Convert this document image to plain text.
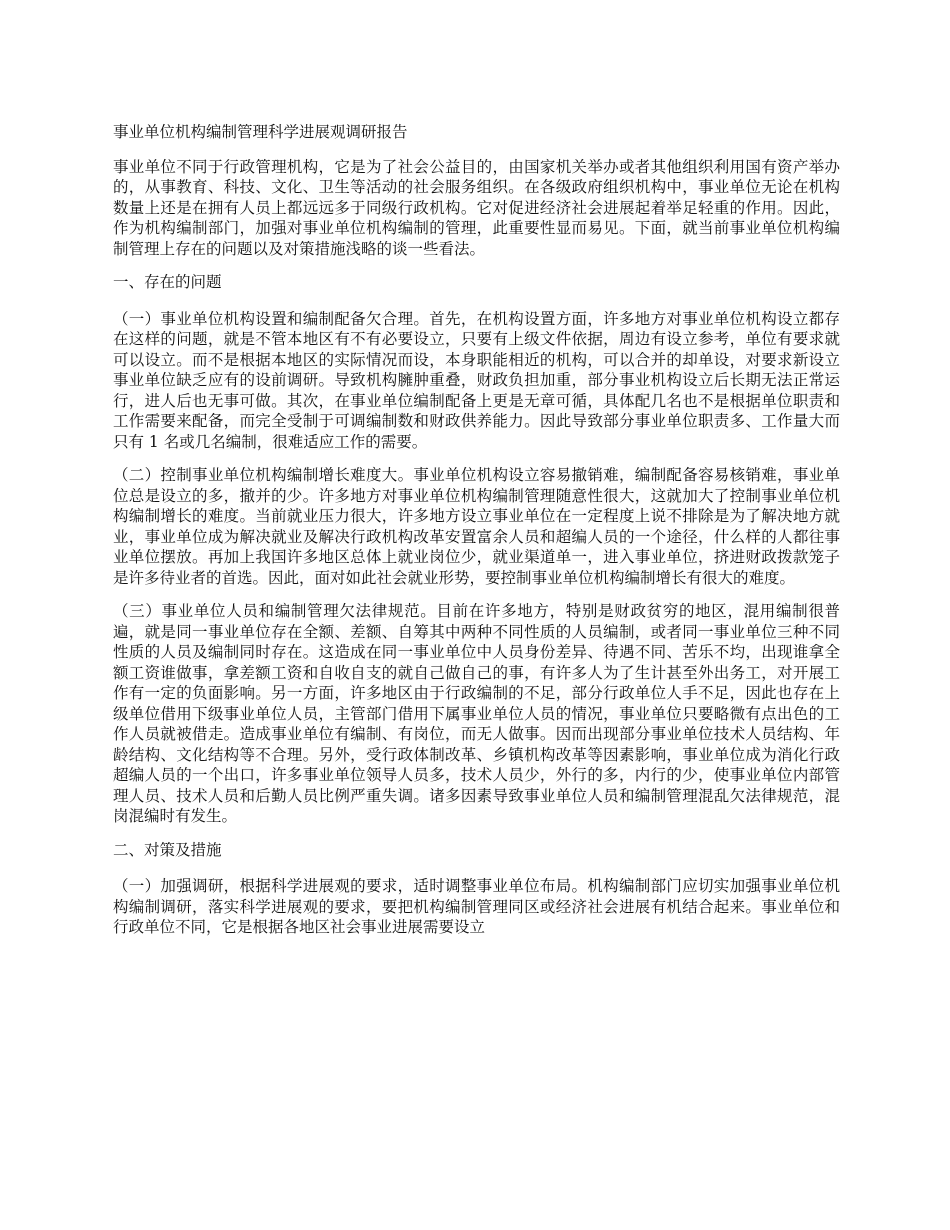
事业单位机构编制管理科学进展观调研报告

事业单位不同于行政管理机构，它是为了社会公益目的，由国家机关举办或者其他组织利用国有资产举办的，从事教育、科技、文化、卫生等活动的社会服务组织。在各级政府组织机构中，事业单位无论在机构数量上还是在拥有人员上都远远多于同级行政机构。它对促进经济社会进展起着举足轻重的作用。因此，作为机构编制部门，加强对事业单位机构编制的管理，此重要性显而易见。下面，就当前事业单位机构编制管理上存在的问题以及对策措施浅略的谈一些看法。

一、存在的问题

（一）事业单位机构设置和编制配备欠合理。首先，在机构设置方面，许多地方对事业单位机构设立都存在这样的问题，就是不管本地区有不有必要设立，只要有上级文件依据，周边有设立参考，单位有要求就可以设立。而不是根据本地区的实际情况而设，本身职能相近的机构，可以合并的却单设，对要求新设立事业单位缺乏应有的设前调研。导致机构臃肿重叠，财政负担加重，部分事业机构设立后长期无法正常运行，进人后也无事可做。其次，在事业单位编制配备上更是无章可循，具体配几名也不是根据单位职责和工作需要来配备，而完全受制于可调编制数和财政供养能力。因此导致部分事业单位职责多、工作量大而只有 1 名或几名编制，很难适应工作的需要。

（二）控制事业单位机构编制增长难度大。事业单位机构设立容易撤销难，编制配备容易核销难，事业单位总是设立的多，撤并的少。许多地方对事业单位机构编制管理随意性很大，这就加大了控制事业单位机构编制增长的难度。当前就业压力很大，许多地方设立事业单位在一定程度上说不排除是为了解决地方就业，事业单位成为解决就业及解决行政机构改革安置富余人员和超编人员的一个途径，什么样的人都往事业单位摆放。再加上我国许多地区总体上就业岗位少，就业渠道单一，进入事业单位，挤进财政拨款笼子是许多待业者的首选。因此，面对如此社会就业形势，要控制事业单位机构编制增长有很大的难度。

（三）事业单位人员和编制管理欠法律规范。目前在许多地方，特别是财政贫穷的地区，混用编制很普遍，就是同一事业单位存在全额、差额、自筹其中两种不同性质的人员编制，或者同一事业单位三种不同性质的人员及编制同时存在。这造成在同一事业单位中人员身份差异、待遇不同、苦乐不均，出现谁拿全额工资谁做事，拿差额工资和自收自支的就自己做自己的事，有许多人为了生计甚至外出务工，对开展工作有一定的负面影响。另一方面，许多地区由于行政编制的不足，部分行政单位人手不足，因此也存在上级单位借用下级事业单位人员，主管部门借用下属事业单位人员的情况，事业单位只要略微有点出色的工作人员就被借走。造成事业单位有编制、有岗位，而无人做事。因而出现部分事业单位技术人员结构、年龄结构、文化结构等不合理。另外，受行政体制改革、乡镇机构改革等因素影响，事业单位成为消化行政超编人员的一个出口，许多事业单位领导人员多，技术人员少，外行的多，内行的少，使事业单位内部管理人员、技术人员和后勤人员比例严重失调。诸多因素导致事业单位人员和编制管理混乱欠法律规范，混岗混编时有发生。

二、对策及措施

（一）加强调研，根据科学进展观的要求，适时调整事业单位布局。机构编制部门应切实加强事业单位机构编制调研，落实科学进展观的要求，要把机构编制管理同区或经济社会进展有机结合起来。事业单位和行政单位不同，它是根据各地区社会事业进展需要设立
